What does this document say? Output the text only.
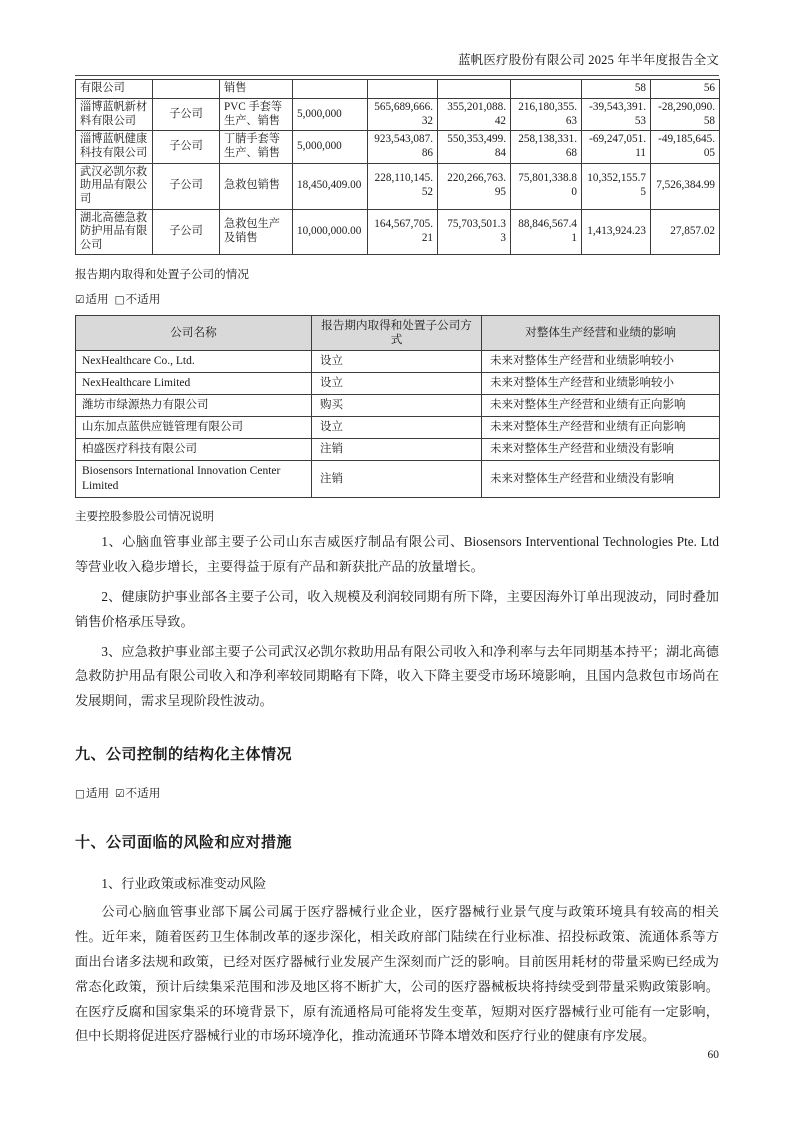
蓝帆医疗股份有限公司 2025 年半年度报告全文
有限公司		销售					58	56
淄博蓝帆新材料有限公司	子公司	PVC 手套等生产、销售	5,000,000	565,689,666.32	355,201,088.42	216,180,355.63	-39,543,391.53	-28,290,090.58
淄博蓝帆健康科技有限公司	子公司	丁腈手套等生产、销售	5,000,000	923,543,087.86	550,353,499.84	258,138,331.68	-69,247,051.11	-49,185,645.05
武汉必凯尔救助用品有限公司	子公司	急救包销售	18,450,409.00	228,110,145.52	220,266,763.95	75,801,338.80	10,352,155.75	7,526,384.99
湖北高德急救防护用品有限公司	子公司	急救包生产及销售	10,000,000.00	164,567,705.21	75,703,501.33	88,846,567.41	1,413,924.23	27,857.02
报告期内取得和处置子公司的情况
☑适用 □不适用
公司名称	报告期内取得和处置子公司方式	对整体生产经营和业绩的影响
NexHealthcare Co., Ltd.	设立	未来对整体生产经营和业绩影响较小
NexHealthcare Limited	设立	未来对整体生产经营和业绩影响较小
潍坊市绿源热力有限公司	购买	未来对整体生产经营和业绩有正向影响
山东加点蓝供应链管理有限公司	设立	未来对整体生产经营和业绩有正向影响
柏盛医疗科技有限公司	注销	未来对整体生产经营和业绩没有影响
Biosensors International Innovation Center Limited	注销	未来对整体生产经营和业绩没有影响
主要控股参股公司情况说明

1、心脑血管事业部主要子公司山东吉威医疗制品有限公司、Biosensors Interventional Technologies Pte. Ltd 等营业收入稳步增长，主要得益于原有产品和新获批产品的放量增长。

2、健康防护事业部各主要子公司，收入规模及利润较同期有所下降，主要因海外订单出现波动，同时叠加销售价格承压导致。

3、应急救护事业部主要子公司武汉必凯尔救助用品有限公司收入和净利率与去年同期基本持平；湖北高德急救防护用品有限公司收入和净利率较同期略有下降，收入下降主要受市场环境影响，且国内急救包市场尚在发展期间，需求呈现阶段性波动。

九、公司控制的结构化主体情况
□适用 ☑不适用
十、公司面临的风险和应对措施
1、行业政策或标准变动风险

公司心脑血管事业部下属公司属于医疗器械行业企业，医疗器械行业景气度与政策环境具有较高的相关性。近年来，随着医药卫生体制改革的逐步深化，相关政府部门陆续在行业标准、招投标政策、流通体系等方面出台诸多法规和政策，已经对医疗器械行业发展产生深刻而广泛的影响。目前医用耗材的带量采购已经成为常态化政策，预计后续集采范围和涉及地区将不断扩大，公司的医疗器械板块将持续受到带量采购政策影响。在医疗反腐和国家集采的环境背景下，原有流通格局可能将发生变革，短期对医疗器械行业可能有一定影响，但中长期将促进医疗器械行业的市场环境净化，推动流通环节降本增效和医疗行业的健康有序发展。

60
